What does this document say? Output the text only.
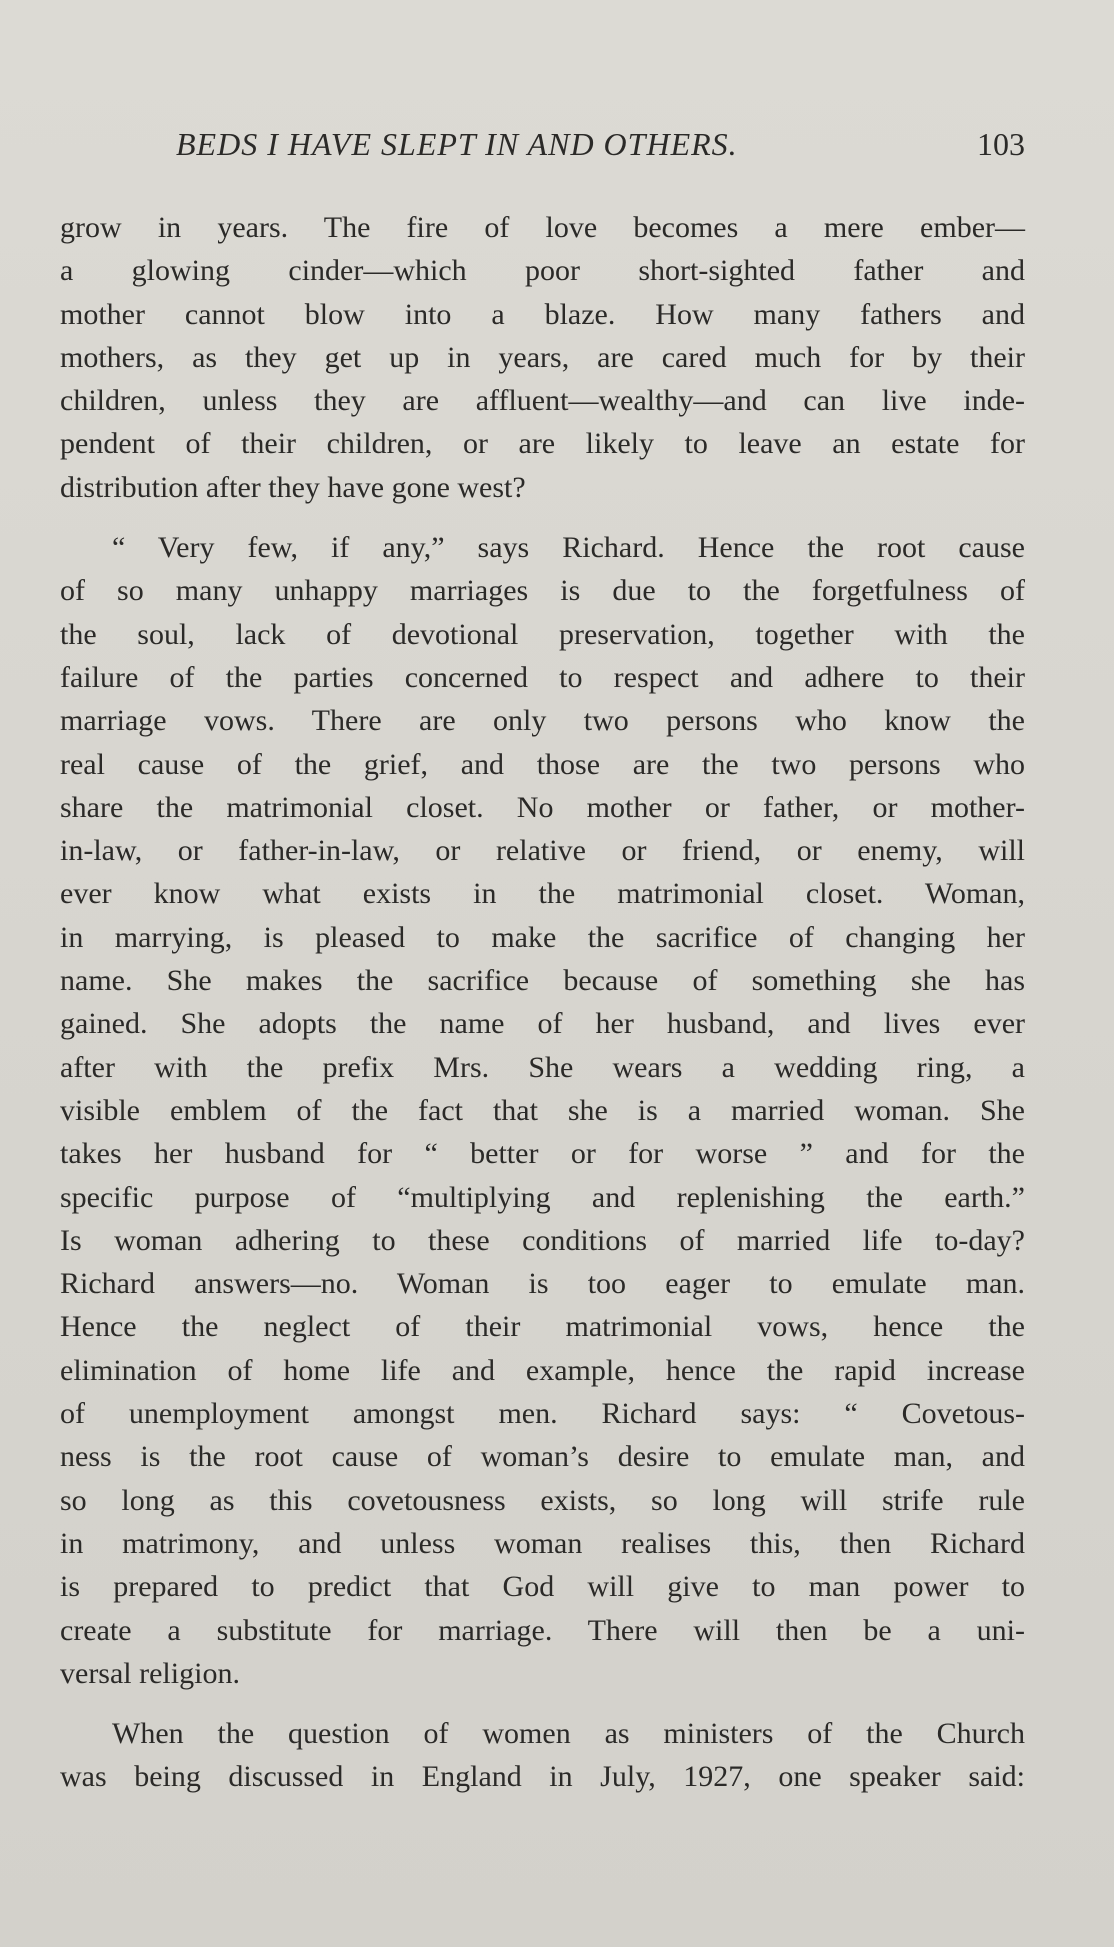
BEDS I HAVE SLEPT IN AND OTHERS.	103
grow in years. The fire of love becomes a mere ember—
a glowing cinder—which poor short-sighted father and
mother cannot blow into a blaze. How many fathers and
mothers, as they get up in years, are cared much for by their
children, unless they are affluent—wealthy—and can live inde-
pendent of their children, or are likely to leave an estate for
distribution after they have gone west?
“ Very few, if any,” says Richard. Hence the root cause
of so many unhappy marriages is due to the forgetfulness of
the soul, lack of devotional preservation, together with the
failure of the parties concerned to respect and adhere to their
marriage vows. There are only two persons who know the
real cause of the grief, and those are the two persons who
share the matrimonial closet. No mother or father, or mother-
in-law, or father-in-law, or relative or friend, or enemy, will
ever know what exists in the matrimonial closet. Woman,
in marrying, is pleased to make the sacrifice of changing her
name. She makes the sacrifice because of something she has
gained. She adopts the name of her husband, and lives ever
after with the prefix Mrs. She wears a wedding ring, a
visible emblem of the fact that she is a married woman. She
takes her husband for “ better or for worse ” and for the
specific purpose of “multiplying and replenishing the earth.”
Is woman adhering to these conditions of married life to-day?
Richard answers—no. Woman is too eager to emulate man.
Hence the neglect of their matrimonial vows, hence the
elimination of home life and example, hence the rapid increase
of unemployment amongst men. Richard says: “ Covetous-
ness is the root cause of woman’s desire to emulate man, and
so long as this covetousness exists, so long will strife rule
in matrimony, and unless woman realises this, then Richard
is prepared to predict that God will give to man power to
create a substitute for marriage. There will then be a uni-
versal religion.
When the question of women as ministers of the Church
was being discussed in England in July, 1927, one speaker said:
